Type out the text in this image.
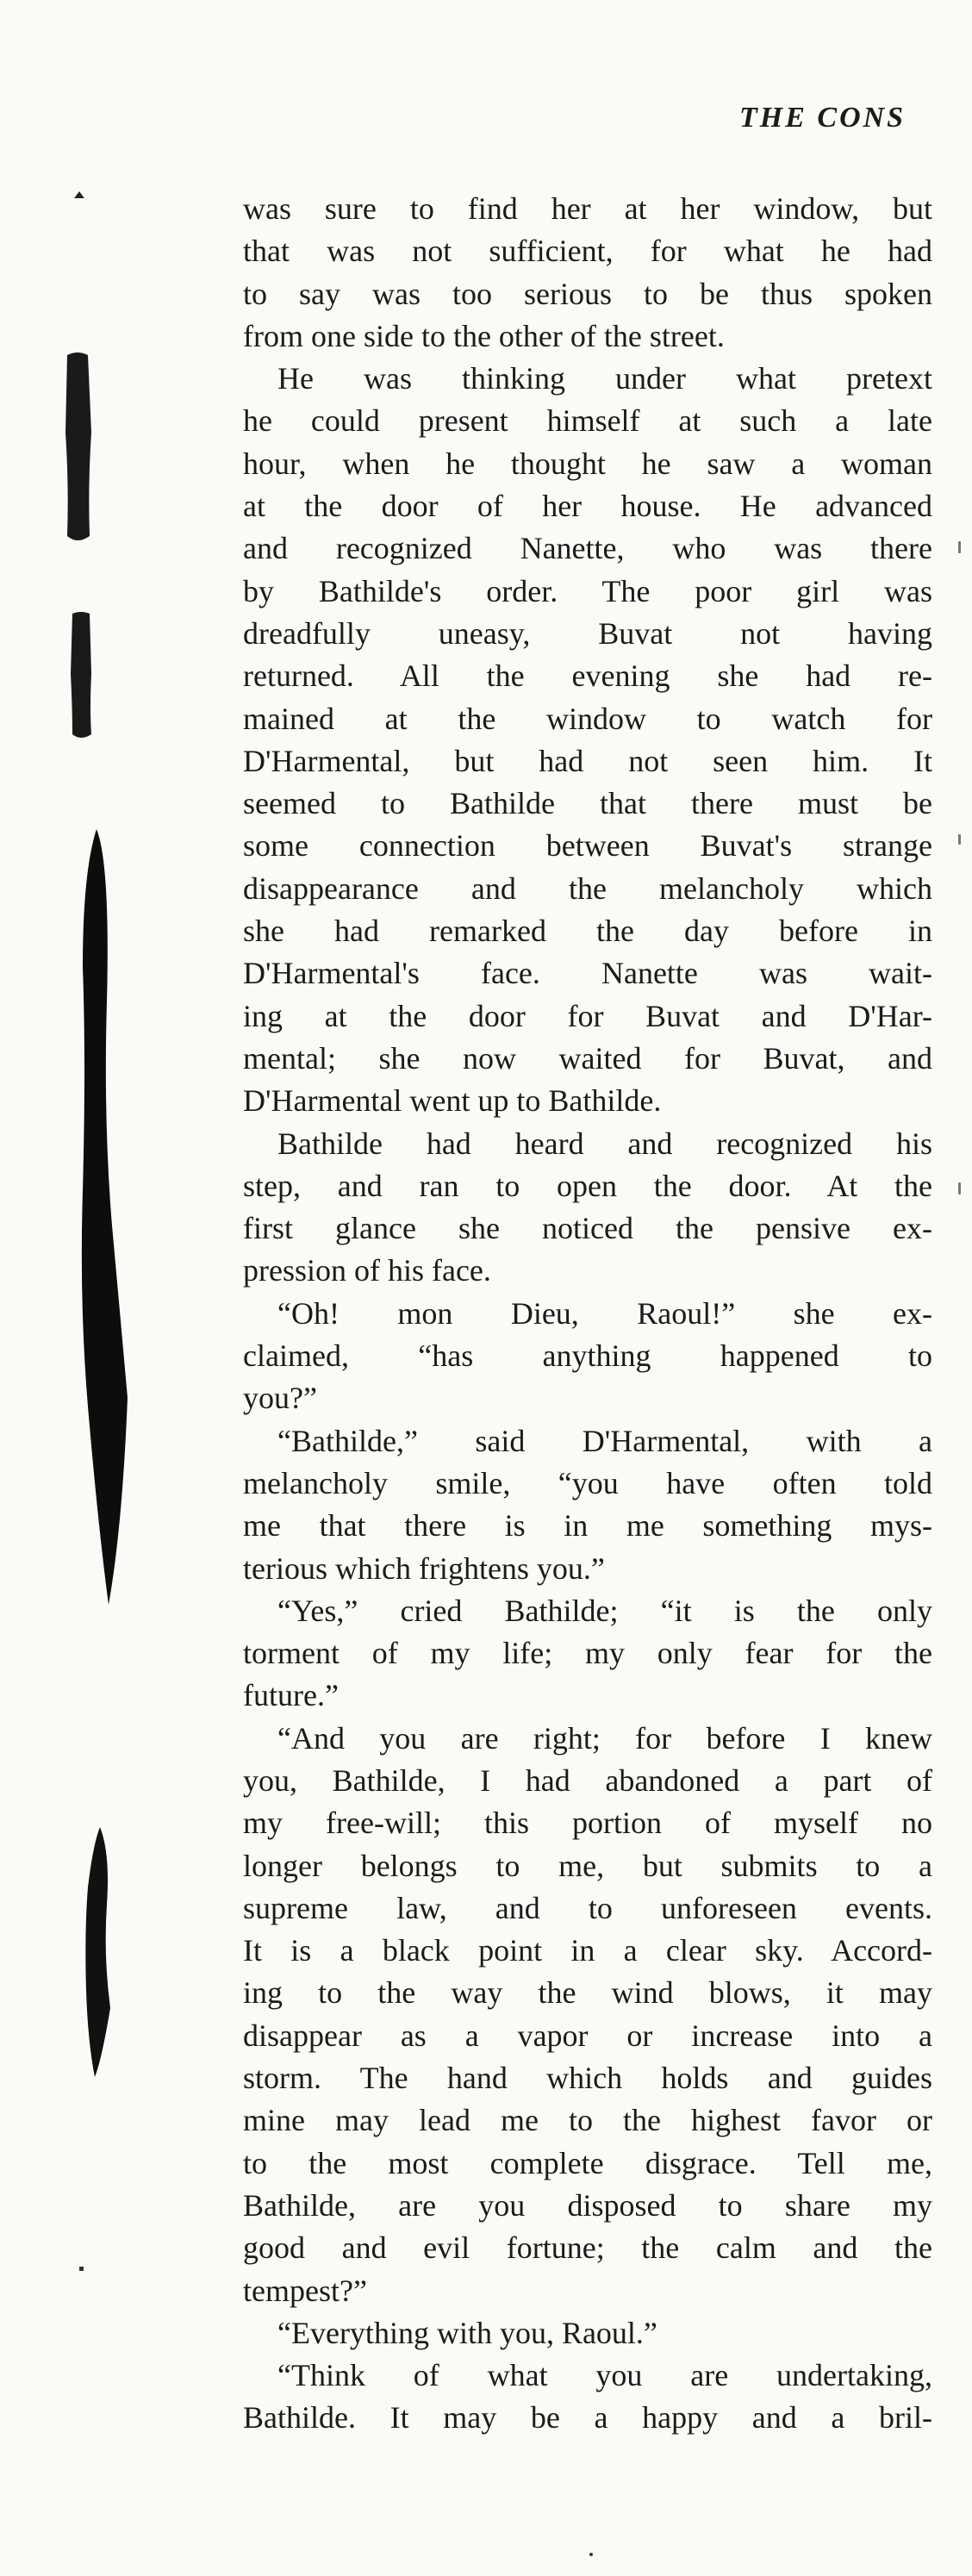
THE CONS
was sure to find her at her window, but
that was not sufficient, for what he had
to say was too serious to be thus spoken
from one side to the other of the street.
He was thinking under what pretext
he could present himself at such a late
hour, when he thought he saw a woman
at the door of her house. He advanced
and recognized Nanette, who was there
by Bathilde's order. The poor girl was
dreadfully uneasy, Buvat not having
returned. All the evening she had re-
mained at the window to watch for
D'Harmental, but had not seen him. It
seemed to Bathilde that there must be
some connection between Buvat's strange
disappearance and the melancholy which
she had remarked the day before in
D'Harmental's face. Nanette was wait-
ing at the door for Buvat and D'Har-
mental; she now waited for Buvat, and
D'Harmental went up to Bathilde.
Bathilde had heard and recognized his
step, and ran to open the door. At the
first glance she noticed the pensive ex-
pression of his face.
“Oh! mon Dieu, Raoul!” she ex-
claimed, “has anything happened to
you?”
“Bathilde,” said D'Harmental, with a
melancholy smile, “you have often told
me that there is in me something mys-
terious which frightens you.”
“Yes,” cried Bathilde; “it is the only
torment of my life; my only fear for the
future.”
“And you are right; for before I knew
you, Bathilde, I had abandoned a part of
my free-will; this portion of myself no
longer belongs to me, but submits to a
supreme law, and to unforeseen events.
It is a black point in a clear sky. Accord-
ing to the way the wind blows, it may
disappear as a vapor or increase into a
storm. The hand which holds and guides
mine may lead me to the highest favor or
to the most complete disgrace. Tell me,
Bathilde, are you disposed to share my
good and evil fortune; the calm and the
tempest?”
“Everything with you, Raoul.”
“Think of what you are undertaking,
Bathilde. It may be a happy and a bril-
